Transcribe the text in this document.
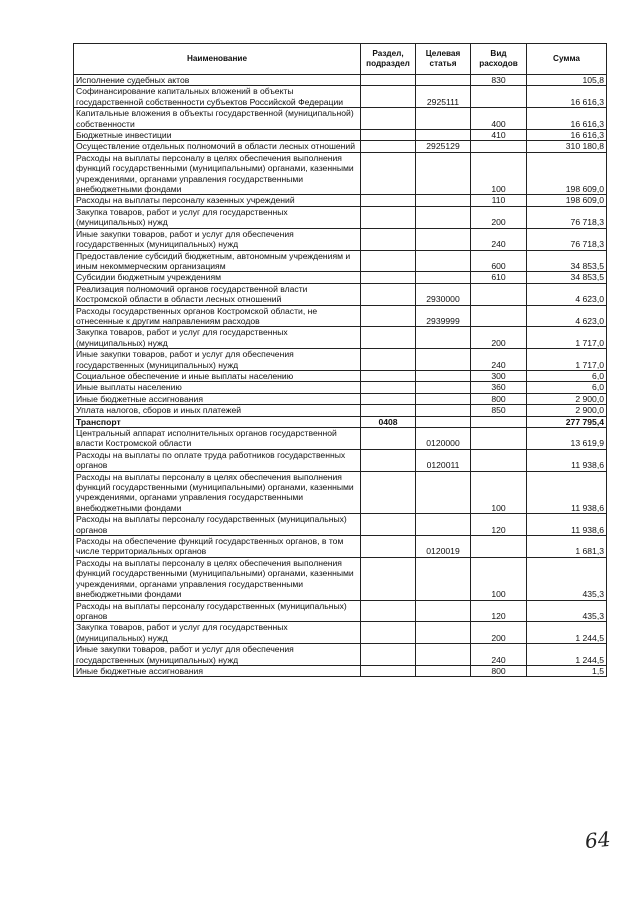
Наименование	Раздел, подраздел	Целевая статья	Вид расходов	Сумма
Исполнение судебных актов			830	105,8
Софинансирование капитальных вложений в объекты государственной собственности субъектов Российской Федерации		2925111		16 616,3
Капитальные вложения в объекты государственной (муниципальной) собственности			400	16 616,3
Бюджетные инвестиции			410	16 616,3
Осуществление отдельных полномочий в области лесных отношений		2925129		310 180,8
Расходы на выплаты персоналу в целях обеспечения выполнения функций государственными (муниципальными) органами, казенными учреждениями, органами управления государственными внебюджетными фондами			100	198 609,0
Расходы на выплаты персоналу казенных учреждений			110	198 609,0
Закупка товаров, работ и услуг для государственных (муниципальных) нужд			200	76 718,3
Иные закупки товаров, работ и услуг для обеспечения государственных (муниципальных) нужд			240	76 718,3
Предоставление субсидий бюджетным, автономным учреждениям и иным некоммерческим организациям			600	34 853,5
Субсидии бюджетным учреждениям			610	34 853,5
Реализация полномочий органов государственной власти Костромской области в области лесных отношений		2930000		4 623,0
Расходы государственных органов Костромской области, не отнесенные к другим направлениям расходов		2939999		4 623,0
Закупка товаров, работ и услуг для государственных (муниципальных) нужд			200	1 717,0
Иные закупки товаров, работ и услуг для обеспечения государственных (муниципальных) нужд			240	1 717,0
Социальное обеспечение и иные выплаты населению			300	6,0
Иные выплаты населению			360	6,0
Иные бюджетные ассигнования			800	2 900,0
Уплата налогов, сборов и иных платежей			850	2 900,0
Транспорт	0408			277 795,4
Центральный аппарат исполнительных органов государственной власти Костромской области		0120000		13 619,9
Расходы на выплаты по оплате труда работников государственных органов		0120011		11 938,6
Расходы на выплаты персоналу в целях обеспечения выполнения функций государственными (муниципальными) органами, казенными учреждениями, органами управления государственными внебюджетными фондами			100	11 938,6
Расходы на выплаты персоналу государственных (муниципальных) органов			120	11 938,6
Расходы на обеспечение функций государственных органов, в том числе территориальных органов		0120019		1 681,3
Расходы на выплаты персоналу в целях обеспечения выполнения функций государственными (муниципальными) органами, казенными учреждениями, органами управления государственными внебюджетными фондами			100	435,3
Расходы на выплаты персоналу государственных (муниципальных) органов			120	435,3
Закупка товаров, работ и услуг для государственных (муниципальных) нужд			200	1 244,5
Иные закупки товаров, работ и услуг для обеспечения государственных (муниципальных) нужд			240	1 244,5
Иные бюджетные ассигнования			800	1,5
64
